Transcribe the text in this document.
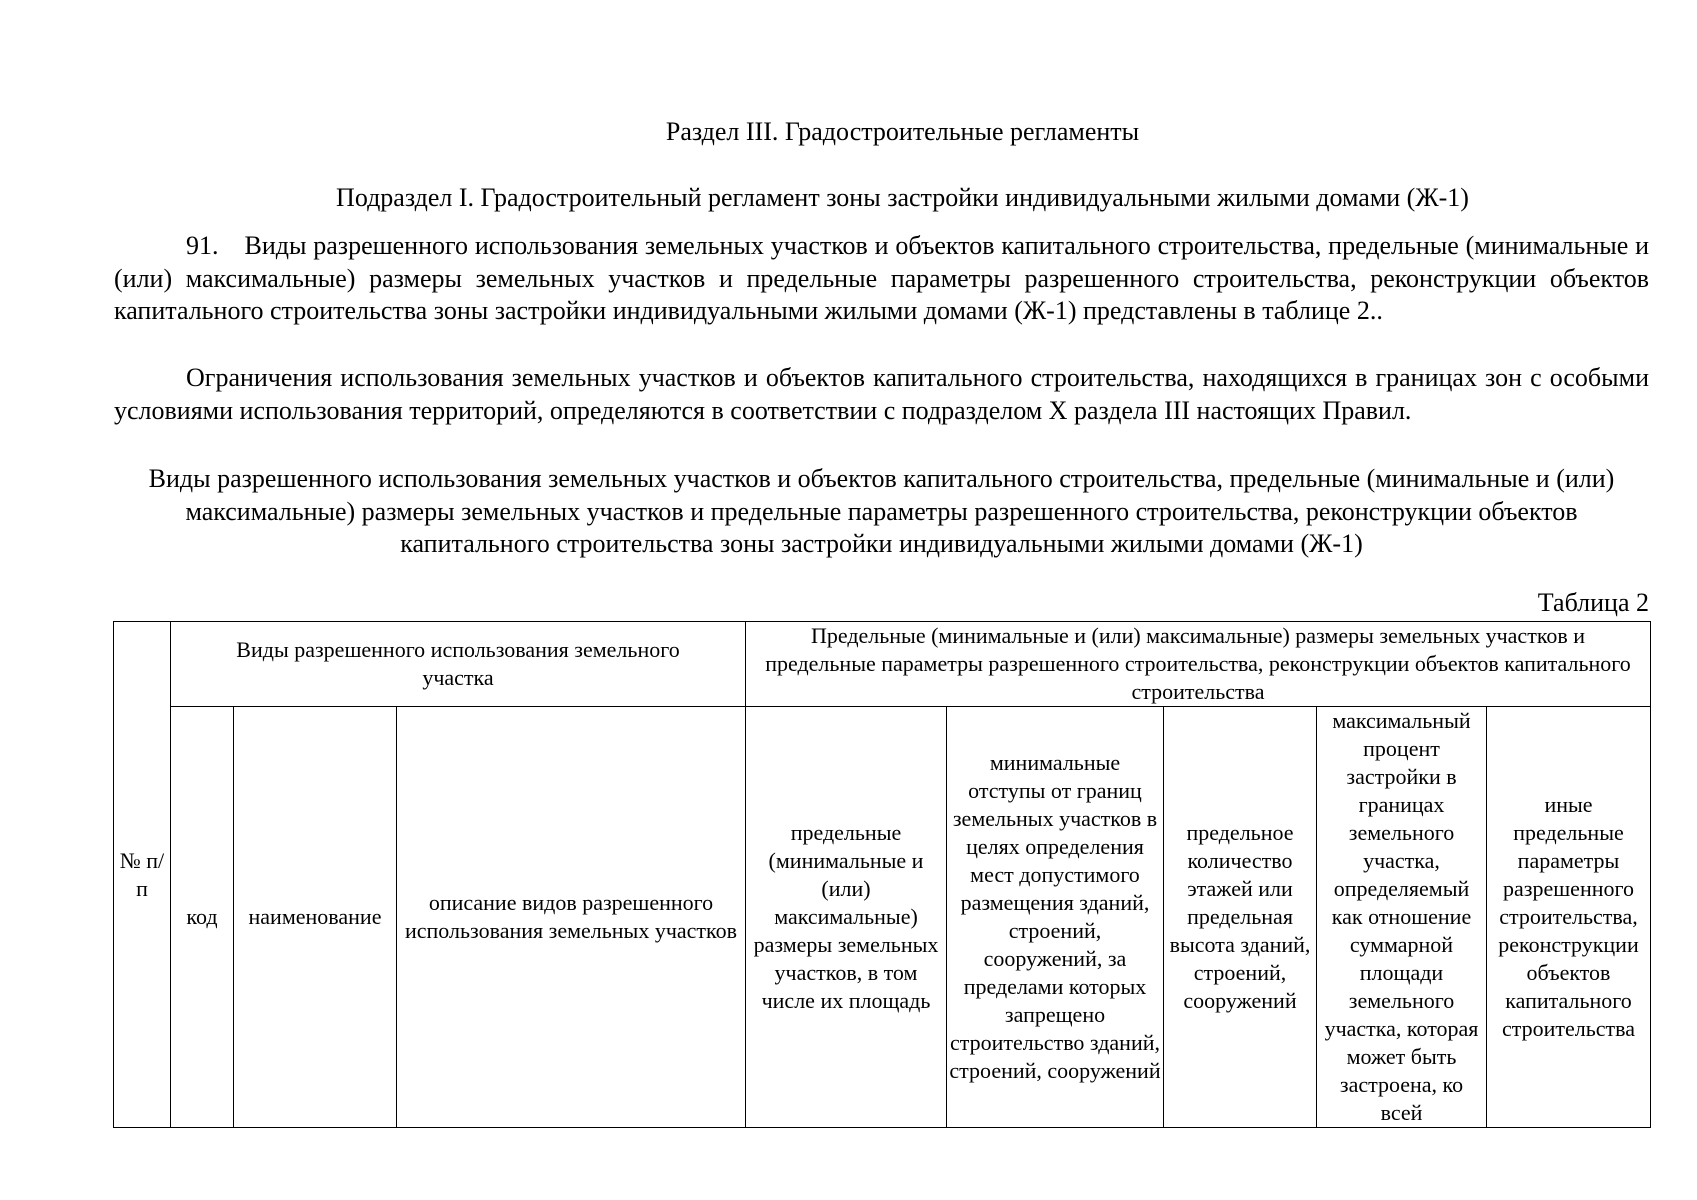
Раздел III. Градостроительные регламенты
Подраздел I. Градостроительный регламент зоны застройки индивидуальными жилыми домами (Ж-1)

91. Виды разрешенного использования земельных участков и объектов капитального строительства, предельные (минимальные и (или) максимальные) размеры земельных участков и предельные параметры разрешенного строительства, реконструкции объектов капитального строительства зоны застройки индивидуальными жилыми домами (Ж-1) представлены в таблице 2..

Ограничения использования земельных участков и объектов капитального строительства, находящихся в границах зон с особыми условиями использования территорий, определяются в соответствии с подразделом X раздела III настоящих Правил.

Виды разрешенного использования земельных участков и объектов капитального строительства, предельные (минимальные и (или) максимальные) размеры земельных участков и предельные параметры разрешенного строительства, реконструкции объектов капитального строительства зоны застройки индивидуальными жилыми домами (Ж-1)

Таблица 2
№ п/п	Виды разрешенного использования земельного участка			Предельные (минимальные и (или) максимальные) размеры земельных участков и предельные параметры разрешенного строительства, реконструкции объектов капитального строительства				
	код	наименование	описание видов разрешенного использования земельных участков	предельные (минимальные и (или) максимальные) размеры земельных участков, в том числе их площадь	минимальные отступы от границ земельных участков в целях определения мест допустимого размещения зданий, строений, сооружений, за пределами которых запрещено строительство зданий, строений, сооружений	предельное количество этажей или предельная высота зданий, строений, сооружений	максимальный процент застройки в границах земельного участка, определяемый как отношение суммарной площади земельного участка, которая может быть застроена, ко всей	иные предельные параметры разрешенного строительства, реконструкции объектов капитального строительства
